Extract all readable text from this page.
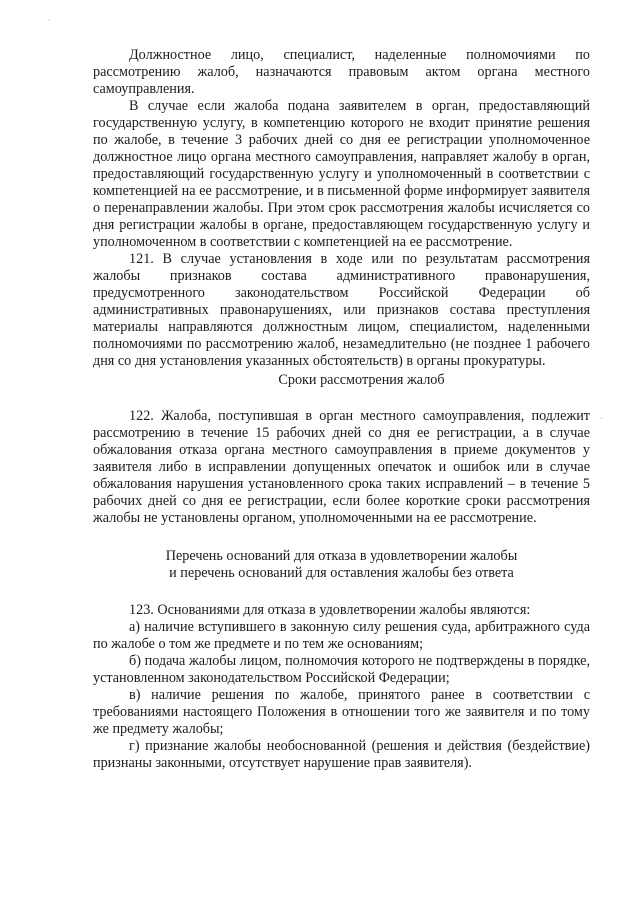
·
·

Должностное лицо, специалист, наделенные полномочиями по рассмотрению жалоб, назначаются правовым актом органа местного самоуправления.

В случае если жалоба подана заявителем в орган, предоставляющий государственную услугу, в компетенцию которого не входит принятие решения по жалобе, в течение 3 рабочих дней со дня ее регистрации уполномоченное должностное лицо органа местного самоуправления, направляет жалобу в орган, предоставляющий государственную услугу и уполномоченный в соответствии с компетенцией на ее рассмотрение, и в письменной форме информирует заявителя о перенаправлении жалобы. При этом срок рассмотрения жалобы исчисляется со дня регистрации жалобы в органе, предоставляющем государственную услугу и уполномоченном в соответствии с компетенцией на ее рассмотрение.

121. В случае установления в ходе или по результатам рассмотрения жалобы признаков состава административного правонарушения, предусмотренного законодательством Российской Федерации об административных правонарушениях, или признаков состава преступления материалы направляются должностным лицом, специалистом, наделенными полномочиями по рассмотрению жалоб, незамедлительно (не позднее 1 рабочего дня со дня установления указанных обстоятельств) в органы прокуратуры.

Сроки рассмотрения жалоб

122. Жалоба, поступившая в орган местного самоуправления, подлежит рассмотрению в течение 15 рабочих дней со дня ее регистрации, а в случае обжалования отказа органа местного самоуправления в приеме документов у заявителя либо в исправлении допущенных опечаток и ошибок или в случае обжалования нарушения установленного срока таких исправлений – в течение 5 рабочих дней со дня ее регистрации, если более короткие сроки рассмотрения жалобы не установлены органом, уполномоченными на ее рассмотрение.

Перечень оснований для отказа в удовлетворении жалобы

и перечень оснований для оставления жалобы без ответа

123. Основаниями для отказа в удовлетворении жалобы являются:

а) наличие вступившего в законную силу решения суда, арбитражного суда по жалобе о том же предмете и по тем же основаниям;

б) подача жалобы лицом, полномочия которого не подтверждены в порядке, установленном законодательством Российской Федерации;

в) наличие решения по жалобе, принятого ранее в соответствии с требованиями настоящего Положения в отношении того же заявителя и по тому же предмету жалобы;

г) признание жалобы необоснованной (решения и действия (бездействие) признаны законными, отсутствует нарушение прав заявителя).
